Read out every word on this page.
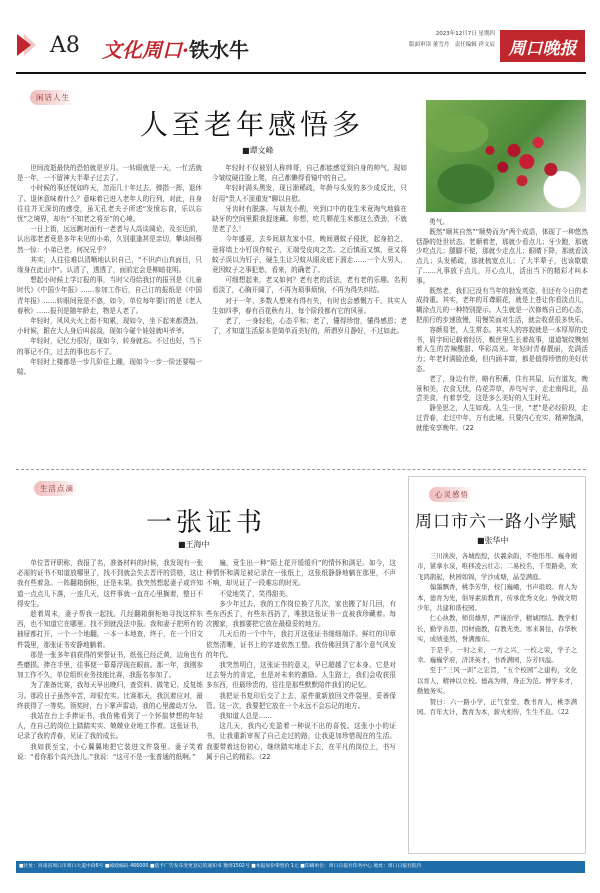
A8 文化周口·铁水牛
2023年12月7日 星期四
版面审读 董雪丹　责任编辑 祥文辰 周口晚报
闲话人生
人至老年感悟多
■谭文峰

世间流逝最快的恐怕就是岁月。一转眼就是一天，一忙活就是一年，一不留神大半辈子过去了。

小时候的事还恍如昨天，忽而几十年过去，弹指一挥，退休了。退休意味着什么？意味着已进入老年人的行列，对此，自身往往并无深切的感受，虽无孔老夫子所述“发愤忘食，乐以忘忧”之境界，却有“不知老之将至”的心境。

一日上街，远远瞧对面有一老者与人高谈阔论，及至近前，认出那老者竟是多年未见的小弟，久别重逢甚是亲切，攀谈间蓦然一惊：小弟已老，何况兄乎？

其实，人往往难以清晰地认识自己，“不识庐山真面目，只缘身在此山中”。认清了，透透了，面前定会是柳暗花明。

想起小时候上学订报的事，当时父母给我订的报刊是《儿童时代》《中国少年报》……参加工作后，自己订的报纸是《中国青年报》……转眼间竟是不惑，如今，单位每年要订的是《老人春秋》……报刊是随年龄走，物是人老了。

年轻时，风风火火上街不知累，现如今，坐下起来都费劲。小时候，跟在大人身后叫叔叔，现如今碰个娃娃就叫爷爷。

年轻时，记忆力很好，现如今，转身就忘。不过也好，当下的事记不住，过去的事也忘不了。

年轻时上楼都是一步几阶往上蹦，现如今一步一阶还要喘一喘。

年轻时不仅被别人称帅哥，自己都能感觉到自身的帅气，现如今皱纹硬往脸上爬，自己都懒得看镜中的自己。

年轻时满头黑发，现日渐稀疏，年龄与头发的多少成反比，只好用“贵人不顶重发”聊以自慰。

牙齿时有脱落。与朋友小酌，夹到口中的花生米竟淘气地躲在缺牙的空间里跟我捉迷藏。你想，吃几颗花生米都这么费劲，不就是老了么！

今年盛夏，去乡间朋友家小住，晚间遇蚊子侵扰，起身拍之，竟将墙上小钉误作蚊子，无端受皮肉之苦。之后慎而又慎，竟又将蚊子误以为钉子，硬生生让习蚊从眼皮底下溜走……一个大男人，竟因蚊子之事犯愁，看来，的确老了。

可细想起来，老又如何？老有老的活法，老有老的乐趣。名利看淡了，心胸开阔了，不再为琐事烦恼，不再为得失纠结。

对于一年，多数人想来有得有失，有时也会感慨万千。其实人生如四季，春有百花秋有月，每个阶段都有它的风景。

老了，一身轻松，心态平和；老了，懂得珍惜，懂得感恩；老了，才知道生活原本是简单而美好的，所谓岁月静好，不过如此。

勇气。

既然“顺其自然”“顺势而为”两个成语，体现了一种悠然恬静的处世状态。老顺着老，那就少看点儿；牙少跑，那就少吃点儿；腿脚不便，那就少走点儿；眼睛下降，那就看淡点儿；头发稀疏，那就梳宽点儿；了大半辈子，也该歇歇了……凡事放下点儿，开心点儿，活出当下的精彩才叫本事。

既然老，我们已没有当年的勃发英姿，但还有今日的老成持重。其实，老年的耳聋眼花，就是上苍让你看淡点儿，糊涂点儿的一种特别提示。人生就是一次修炼自己的心态，把前行的步速放慢，用慢笑面对生活，就会收获很多快乐。

容颜易老，人生常态。其实人的容貌就是一本厚厚的史书，眉宇间记载着经历，鬓丝里生长着故事，道道皱纹镌刻着人生的苦辣酸甜、华彩高光。年轻时青春靓丽，充满活力；年老时满脸沧桑，但内涵丰富，都是值得珍惜的美好状态。

老了，身边有伴，略有积蓄，住有其屋，玩有道友，晚景和美，衣食无忧，侍花弄草，养鸟写字，走走南闯北，品尝美食，有着享受，这是多么美好的人生时光。

静坐思之，人生如戏。人生一世，“老”是必经阶段，走过青春，走过中年，方有此境。只要内心充实，精神饱满，就能安享晚年。（22

生活点滴
一张证书
■王海中

单位晋评职称，我报了名，准备材料的时候，我发现有一张必需的证书不知道放哪里了，找不到就会失去晋评的资格，这让我有些着急。一阵翻箱倒柜，还是未果。我突然想起妻子或许知道一点点儿下落，一连几天，这件事就一直在心里搁着，整日不得安生。

趁着周末，妻子帮我一起找。几经翻箱倒柜地寻找这样东西，也不知道它在哪里。找不到就没法申报。我和妻子把所有的抽屉都打开，一个一个地翻，一本一本地查，终于，在一个旧文件袋里，那张证书安静地躺着。

那是一张多年前获得的荣誉证书，纸张已经泛黄，边角也有些磨损。捧在手里，往事便一幕幕浮现在眼前。那一年，我刚参加工作不久，单位组织业务技能比赛，我报名参加了。

为了准备比赛，我每天早出晚归，查资料、做笔记、反复练习。那段日子虽然辛苦，却很充实。比赛那天，我沉着应对，最终获得了一等奖。领奖时，台下掌声雷动，我的心里激动万分。

我站在台上手捧证书，我仿佛看到了一个怀揣梦想的年轻人，在自己的岗位上踏踏实实、兢兢业业地工作着。这张证书，记录了我的青春，见证了我的成长。

我如获至宝，小心翼翼地把它装进文件袋里。妻子笑着说：“看你那个高兴劲儿。”我说：“这可不是一张普通的纸啊。”

遍，竟生出一种“陌上花开缓缓归”的情怀和满足。如今，这种情怀和满足被记录在一张纸上，这张纸静静地躺在那里，不声不响，却见证了一段难忘的时光。

不觉地笑了，笑得甜美。

多少年过去，我的工作岗位换了几次，家也搬了好几回，有些东西丢了，有些东西扔了，唯独这张证书一直被我珍藏着。每次搬家，我都要把它放在最稳妥的地方。

几天后的一个中午，我打开这张证书细细端详。鲜红的印章依然清晰，证书上的字迹依然工整。我仿佛回到了那个意气风发的年代。

我突然明白，这张证书的意义，早已超越了它本身。它是对过去努力的肯定，也是对未来的激励。人生路上，我们会收获很多东西，但最珍贵的，往往是那些默默陪伴我们的记忆。

我把证书复印后交了上去，原件重新放回文件袋里，妥善保管。这一次，我要把它放在一个永远不会忘记的地方。

我知道人总是……

这几天，我内心充盈着一种说不出的喜悦。这张小小的证书，让我重新审视了自己走过的路，让我更加珍惜现在的生活。我要带着这份初心，继续踏实地走下去，在平凡的岗位上，书写属于自己的精彩。（22

心灵感悟
周口市六一路小学赋
■张华中

三川泱泱，各城煌煌，伏羲余韵，不绝彤彤。巍身闹市，紧拿水泉，唯移凌云壮志；二易校名，千里路桑，欢飞鸿鹊起，秋园如锦，学沙成塘，晶莹满庭。

翰墨飘香，桃李芳华，校门巍峨，书声琅琅。育人为本，德育为先，倡导素质教育，传承优秀文化；争做文明少年，共建和谐校园。

仁心执教，师资雄厚，严谨治学，精诚团结。教学相长，勤学善思，因材施教，有教无类。寒来暑往，春华秋实，成绩斐然，誉满豫东。

于是乎，一时之来，一方之兴，一校之荣，学子之幸。巍巍学府，济济英才，书香满园，芬芳四溢。

至于“三风一训”之宏旨，“五个校园”之建构，文化以育人，精神以立校。德高为师，身正为范。博学多才，勤勉务实。

赞曰：六一路小学，正气堂堂，教书育人，桃李满园。百年大计，教育为本，薪火相传，生生不息。（22

■社址：河南省周口市周口大道中段6号 ■邮政编码 466000 ■依予广告发布变更登记的通知书 豫周1502号 ■本报每份零售价 1元 ■印刷单位：周口日报社印务中心 地址：周口日报社院内
